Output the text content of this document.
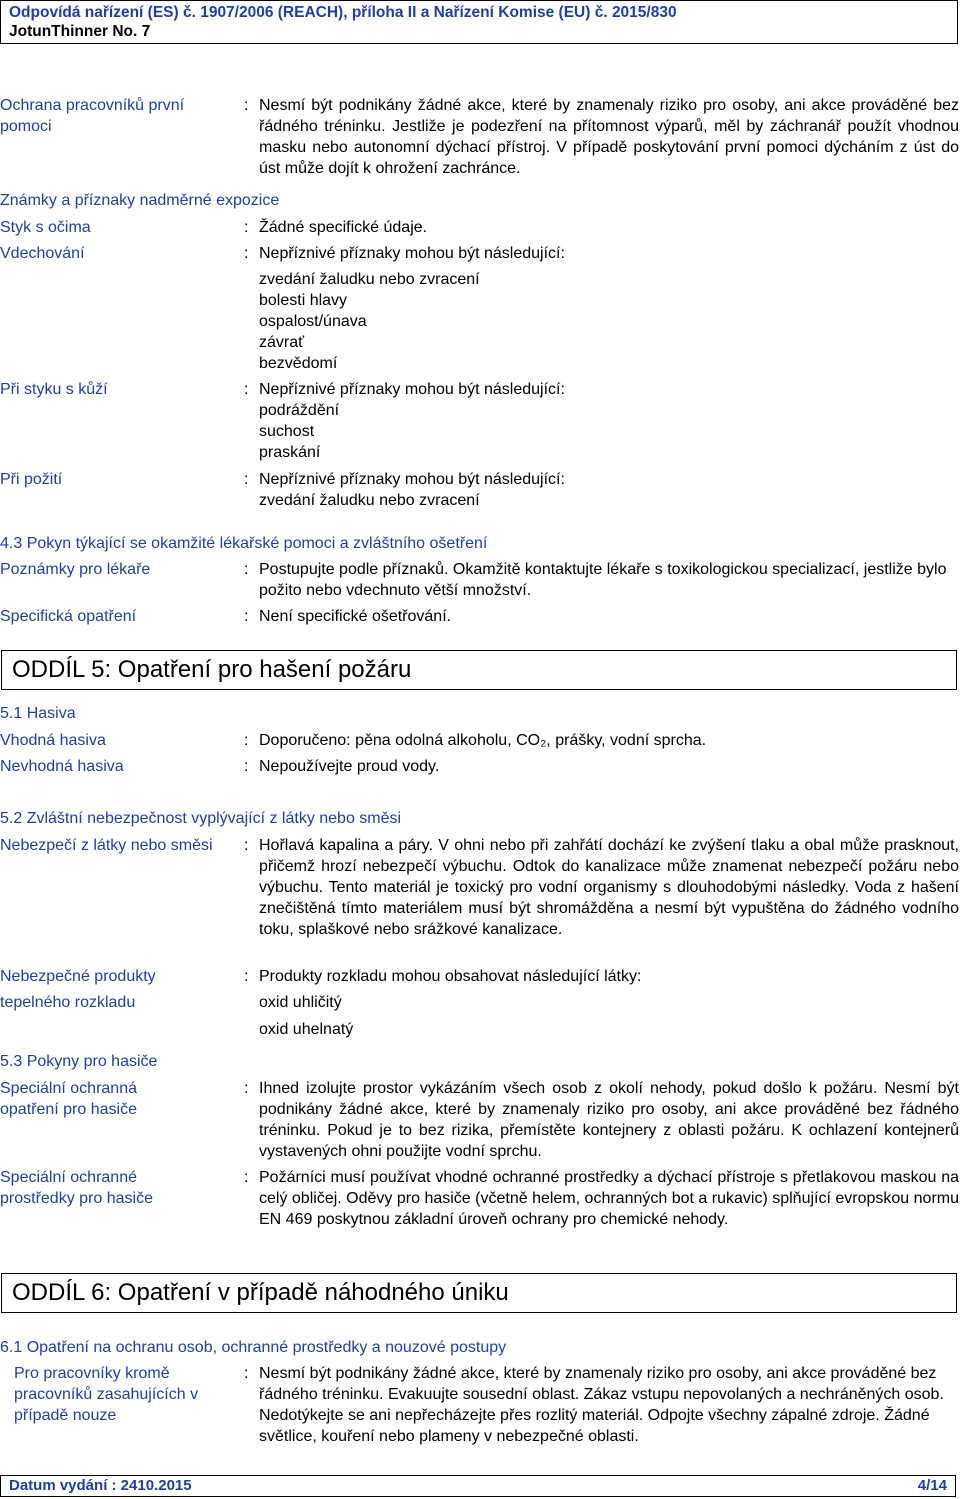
Odpovídá nařízení (ES) č. 1907/2006 (REACH), příloha II a Nařízení Komise (EU) č. 2015/830
JotunThinner No. 7
Ochrana pracovníků první pomoci
: Nesmí být podnikány žádné akce, které by znamenaly riziko pro osoby, ani akce prováděné bez řádného tréninku. Jestliže je podezření na přítomnost výparů, měl by záchranář použít vhodnou masku nebo autonomní dýchací přístroj. V případě poskytování první pomoci dýcháním z úst do úst může dojít k ohrožení zachránce.
Známky a příznaky nadměrné expozice
Styk s očima	: Žádné specifické údaje.
Vdechování	: Nepříznivé příznaky mohou být následující:
zvedání žaludku nebo zvracení
bolesti hlavy
ospalost/únava
závrať
bezvědomí
Při styku s kůží	: Nepříznivé příznaky mohou být následující:
podráždění
suchost
praskání
Při požití	: Nepříznivé příznaky mohou být následující:
zvedání žaludku nebo zvracení
4.3 Pokyn týkající se okamžité lékařské pomoci a zvláštního ošetření
Poznámky pro lékaře	: Postupujte podle příznaků. Okamžitě kontaktujte lékaře s toxikologickou specializací, jestliže bylo požito nebo vdechnuto větší množství.
Specifická opatření	: Není specifické ošetřování.
ODDÍL 5: Opatření pro hašení požáru
5.1 Hasiva
Vhodná hasiva	: Doporučeno: pěna odolná alkoholu, CO₂, prášky, vodní sprcha.
Nevhodná hasiva	: Nepoužívejte proud vody.
5.2 Zvláštní nebezpečnost vyplývající z látky nebo směsi
Nebezpečí z látky nebo směsi : Hořlavá kapalina a páry. V ohni nebo při zahřátí dochází ke zvýšení tlaku a obal může prasknout, přičemž hrozí nebezpečí výbuchu. Odtok do kanalizace může znamenat nebezpečí požáru nebo výbuchu. Tento materiál je toxický pro vodní organismy s dlouhodobými následky. Voda z hašení znečištěná tímto materiálem musí být shromážděna a nesmí být vypuštěna do žádného vodního toku, splaškové nebo srážkové kanalizace.
Nebezpečné produkty
tepelného rozkladu
: Produkty rozkladu mohou obsahovat následující látky:
oxid uhličitý
oxid uhelnatý
5.3 Pokyny pro hasiče
Speciální ochranná opatření pro hasiče
: Ihned izolujte prostor vykázáním všech osob z okolí nehody, pokud došlo k požáru. Nesmí být podnikány žádné akce, které by znamenaly riziko pro osoby, ani akce prováděné bez řádného tréninku. Pokud je to bez rizika, přemístěte kontejnery z oblasti požáru. K ochlazení kontejnerů vystavených ohni použijte vodní sprchu.
Speciální ochranné prostředky pro hasiče
: Požárníci musí používat vhodné ochranné prostředky a dýchací přístroje s přetlakovou maskou na celý obličej. Oděvy pro hasiče (včetně helem, ochranných bot a rukavic) splňující evropskou normu EN 469 poskytnou základní úroveň ochrany pro chemické nehody.
ODDÍL 6: Opatření v případě náhodného úniku
6.1 Opatření na ochranu osob, ochranné prostředky a nouzové postupy
Pro pracovníky kromě pracovníků zasahujících v případě nouze
: Nesmí být podnikány žádné akce, které by znamenaly riziko pro osoby, ani akce prováděné bez řádného tréninku. Evakuujte sousední oblast. Zákaz vstupu nepovolaných a nechráněných osob. Nedotýkejte se ani nepřecházejte přes rozlitý materiál. Odpojte všechny zápalné zdroje. Žádné světlice, kouření nebo plameny v nebezpečné oblasti.
Datum vydání : 2410.2015	4/14
